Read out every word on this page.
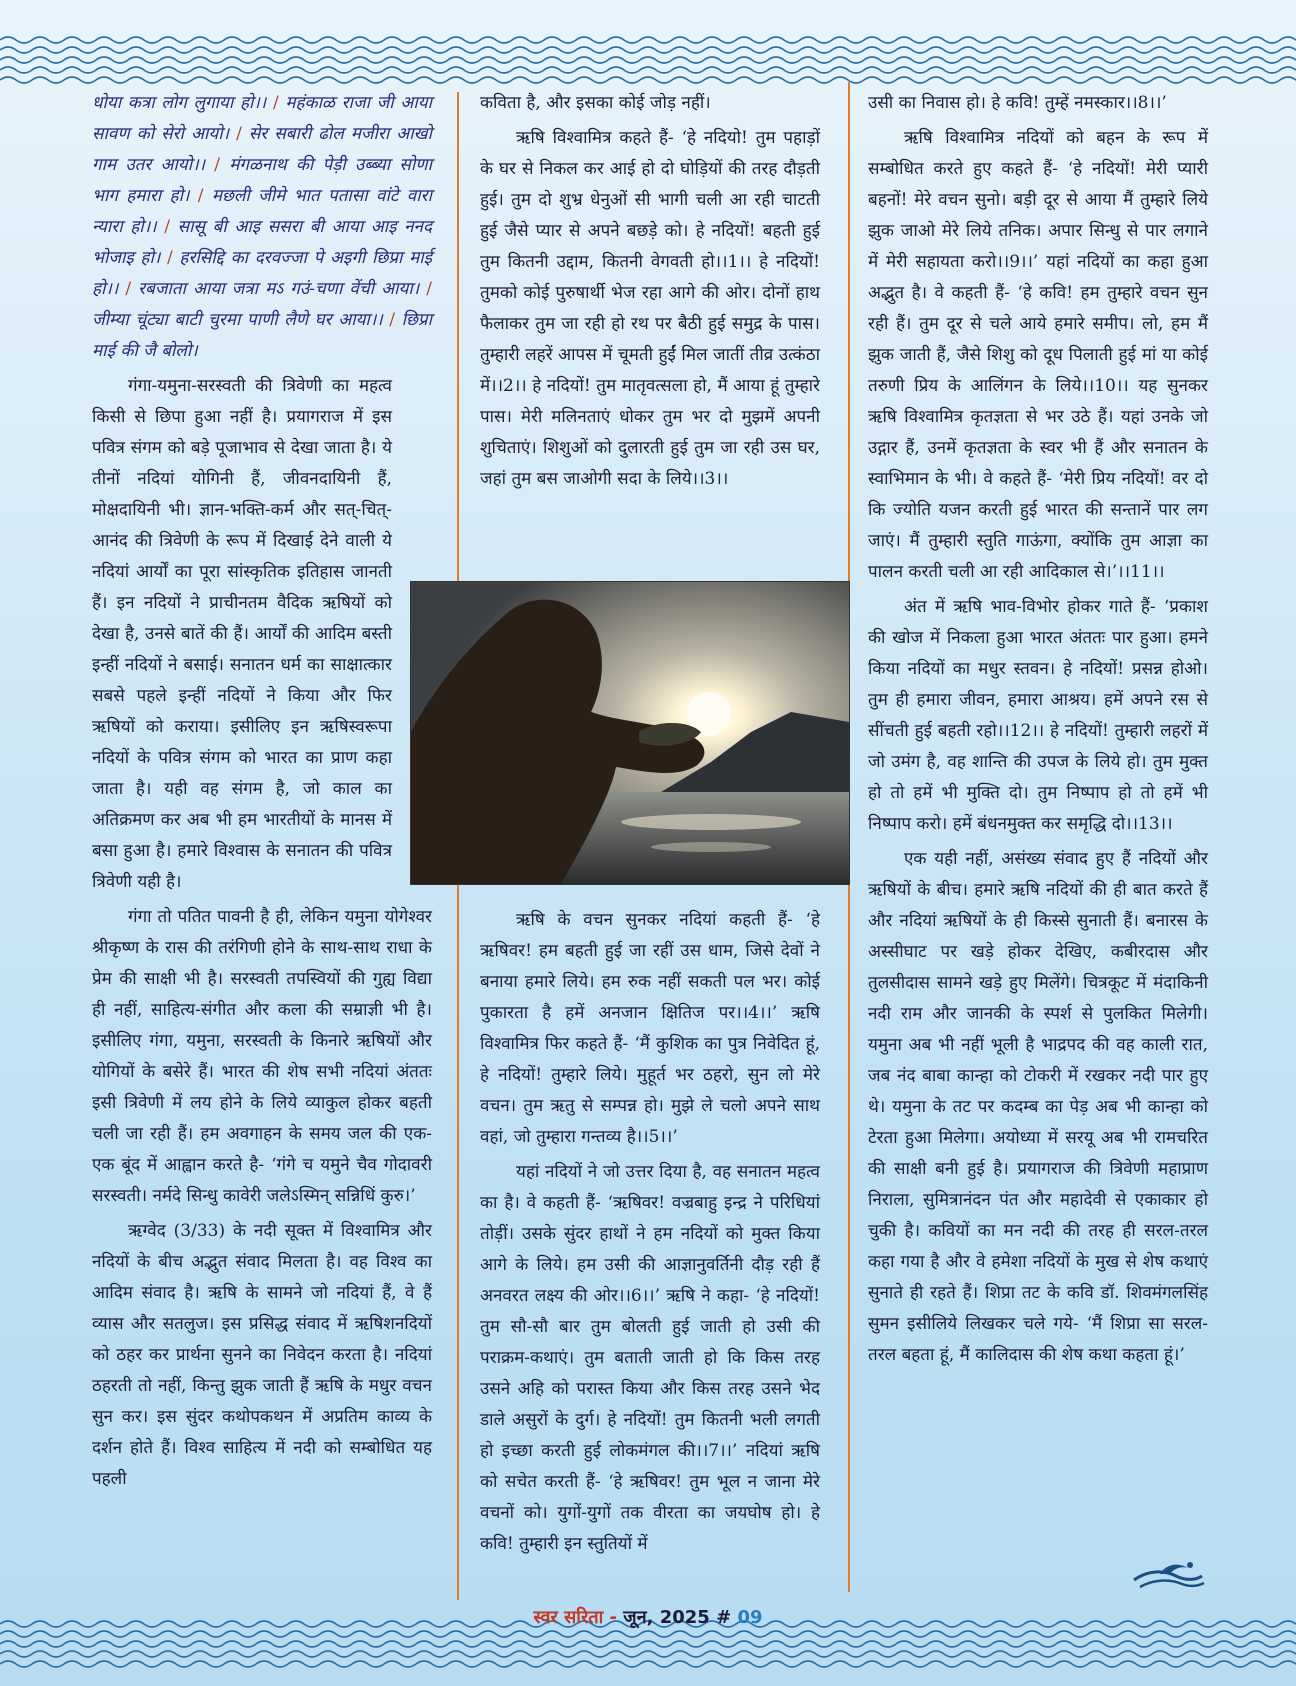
धोया कत्रा लोग लुगाया हो।। / महंकाळ राजा जी आया सावण को सेरो आयो। / सेर सबारी ढोल मजीरा आखो गाम उतर आयो।। / मंगळनाथ की पेड़ी उब्ब्या सोणा भाग हमारा हो। / मछली जीमे भात पतासा वांटे वारा न्यारा हो।। / सासू बी आइ ससरा बी आया आइ ननद भोजाइ हो। / हरसिद्दि का दरवज्जा पे अइगी छिप्रा माई हो।। / रबजाता आया जत्रा मऽ गउं-चणा वेंची आया। / जीम्या चूंट्या बाटी चुरमा पाणी लैणे घर आया।। / छिप्रा माई की जै बोलो।

गंगा-यमुना-सरस्वती की त्रिवेणी का महत्व किसी से छिपा हुआ नहीं है। प्रयागराज में इस पवित्र संगम को बड़े पूजाभाव से देखा जाता है। ये तीनों नदियां योगिनी हैं, जीवनदायिनी हैं, मोक्षदायिनी भी। ज्ञान-भक्ति-कर्म और सत्-चित्-आनंद की त्रिवेणी के रूप में दिखाई देने वाली ये नदियां आर्यों का पूरा सांस्कृतिक इतिहास जानती हैं। इन नदियों ने प्राचीनतम वैदिक ऋषियों को देखा है, उनसे बातें की हैं। आर्यों की आदिम बस्ती इन्हीं नदियों ने बसाई। सनातन धर्म का साक्षात्कार सबसे पहले इन्हीं नदियों ने किया और फिर ऋषियों को कराया। इसीलिए इन ऋषिस्वरूपा नदियों के पवित्र संगम को भारत का प्राण कहा जाता है। यही वह संगम है, जो काल का अतिक्रमण कर अब भी हम भारतीयों के मानस में बसा हुआ है। हमारे विश्वास के सनातन की पवित्र त्रिवेणी यही है।

गंगा तो पतित पावनी है ही, लेकिन यमुना योगेश्वर श्रीकृष्ण के रास की तरंगिणी होने के साथ-साथ राधा के प्रेम की साक्षी भी है। सरस्वती तपस्वियों की गुह्य विद्या ही नहीं, साहित्य-संगीत और कला की सम्राज्ञी भी है। इसीलिए गंगा, यमुना, सरस्वती के किनारे ऋषियों और योगियों के बसेरे हैं। भारत की शेष सभी नदियां अंततः इसी त्रिवेणी में लय होने के लिये व्याकुल होकर बहती चली जा रही हैं। हम अवगाहन के समय जल की एक-एक बूंद में आह्वान करते है- ‘गंगे च यमुने चैव गोदावरी सरस्वती। नर्मदे सिन्धु कावेरी जलेऽस्मिन् सन्निधिं कुरु।’

ऋग्वेद (3/33) के नदी सूक्त में विश्वामित्र और नदियों के बीच अद्भुत संवाद मिलता है। वह विश्व का आदिम संवाद है। ऋषि के सामने जो नदियां हैं, वे हैं व्यास और सतलुज। इस प्रसिद्ध संवाद में ऋषिशनदियों को ठहर कर प्रार्थना सुनने का निवेदन करता है। नदियां ठहरती तो नहीं, किन्तु झुक जाती हैं ऋषि के मधुर वचन सुन कर। इस सुंदर कथोपकथन में अप्रतिम काव्य के दर्शन होते हैं। विश्व साहित्य में नदी को सम्बोधित यह पहली

कविता है, और इसका कोई जोड़ नहीं।

ऋषि विश्वामित्र कहते हैं- ‘हे नदियो! तुम पहाड़ों के घर से निकल कर आई हो दो घोड़ियों की तरह दौड़ती हुई। तुम दो शुभ्र धेनुओं सी भागी चली आ रही चाटती हुई जैसे प्यार से अपने बछड़े को। हे नदियों! बहती हुई तुम कितनी उद्दाम, कितनी वेगवती हो।।1।। हे नदियों! तुमको कोई पुरुषार्थी भेज रहा आगे की ओर। दोनों हाथ फैलाकर तुम जा रही हो रथ पर बैठी हुई समुद्र के पास। तुम्हारी लहरें आपस में चूमती हुईं मिल जातीं तीव्र उत्कंठा में।।2।। हे नदियों! तुम मातृवत्सला हो, मैं आया हूं तुम्हारे पास। मेरी मलिनताएं धोकर तुम भर दो मुझमें अपनी शुचिताएं। शिशुओं को दुलारती हुई तुम जा रही उस घर, जहां तुम बस जाओगी सदा के लिये।।3।।

ऋषि के वचन सुनकर नदियां कहती हैं- ‘हे ऋषिवर! हम बहती हुई जा रहीं उस धाम, जिसे देवों ने बनाया हमारे लिये। हम रुक नहीं सकती पल भर। कोई पुकारता है हमें अनजान क्षितिज पर।।4।।’ ऋषि विश्वामित्र फिर कहते हैं- ‘मैं कुशिक का पुत्र निवेदित हूं, हे नदियों! तुम्हारे लिये। मुहूर्त भर ठहरो, सुन लो मेरे वचन। तुम ऋतु से सम्पन्न हो। मुझे ले चलो अपने साथ वहां, जो तुम्हारा गन्तव्य है।।5।।’

यहां नदियों ने जो उत्तर दिया है, वह सनातन महत्व का है। वे कहती हैं- ‘ऋषिवर! वज्रबाहु इन्द्र ने परिधियां तोड़ीं। उसके सुंदर हाथों ने हम नदियों को मुक्त किया आगे के लिये। हम उसी की आज्ञानुवर्तिनी दौड़ रही हैं अनवरत लक्ष्य की ओर।।6।।’ ऋषि ने कहा- ‘हे नदियों! तुम सौ-सौ बार तुम बोलती हुई जाती हो उसी की पराक्रम-कथाएं। तुम बताती जाती हो कि किस तरह उसने अहि को परास्त किया और किस तरह उसने भेद डाले असुरों के दुर्ग। हे नदियों! तुम कितनी भली लगती हो इच्छा करती हुई लोकमंगल की।।7।।’ नदियां ऋषि को सचेत करती हैं- ‘हे ऋषिवर! तुम भूल न जाना मेरे वचनों को। युगों-युगों तक वीरता का जयघोष हो। हे कवि! तुम्हारी इन स्तुतियों में

उसी का निवास हो। हे कवि! तुम्हें नमस्कार।।8।।’

ऋषि विश्वामित्र नदियों को बहन के रूप में सम्बोधित करते हुए कहते हैं- ‘हे नदियों! मेरी प्यारी बहनों! मेरे वचन सुनो। बड़ी दूर से आया मैं तुम्हारे लिये झुक जाओ मेरे लिये तनिक। अपार सिन्धु से पार लगाने में मेरी सहायता करो।।9।।’ यहां नदियों का कहा हुआ अद्भुत है। वे कहती हैं- ‘हे कवि! हम तुम्हारे वचन सुन रही हैं। तुम दूर से चले आये हमारे समीप। लो, हम मैं झुक जाती हैं, जैसे शिशु को दूध पिलाती हुई मां या कोई तरुणी प्रिय के आलिंगन के लिये।।10।। यह सुनकर ऋषि विश्वामित्र कृतज्ञता से भर उठे हैं। यहां उनके जो उद्गार हैं, उनमें कृतज्ञता के स्वर भी हैं और सनातन के स्वाभिमान के भी। वे कहते हैं- ‘मेरी प्रिय नदियों! वर दो कि ज्योति यजन करती हुई भारत की सन्तानें पार लग जाएं। मैं तुम्हारी स्तुति गाऊंगा, क्योंकि तुम आज्ञा का पालन करती चली आ रही आदिकाल से।’।।11।।

अंत में ऋषि भाव-विभोर होकर गाते हैं- ‘प्रकाश की खोज में निकला हुआ भारत अंततः पार हुआ। हमने किया नदियों का मधुर स्तवन। हे नदियों! प्रसन्न होओ। तुम ही हमारा जीवन, हमारा आश्रय। हमें अपने रस से सींचती हुई बहती रहो।।12।। हे नदियों! तुम्हारी लहरों में जो उमंग है, वह शान्ति की उपज के लिये हो। तुम मुक्त हो तो हमें भी मुक्ति दो। तुम निष्पाप हो तो हमें भी निष्पाप करो। हमें बंधनमुक्त कर समृद्धि दो।।13।।

एक यही नहीं, असंख्य संवाद हुए हैं नदियों और ऋषियों के बीच। हमारे ऋषि नदियों की ही बात करते हैं और नदियां ऋषियों के ही किस्से सुनाती हैं। बनारस के अस्सीघाट पर खड़े होकर देखिए, कबीरदास और तुलसीदास सामने खड़े हुए मिलेंगे। चित्रकूट में मंदाकिनी नदी राम और जानकी के स्पर्श से पुलकित मिलेगी। यमुना अब भी नहीं भूली है भाद्रपद की वह काली रात, जब नंद बाबा कान्हा को टोकरी में रखकर नदी पार हुए थे। यमुना के तट पर कदम्ब का पेड़ अब भी कान्हा को टेरता हुआ मिलेगा। अयोध्या में सरयू अब भी रामचरित की साक्षी बनी हुई है। प्रयागराज की त्रिवेणी महाप्राण निराला, सुमित्रानंदन पंत और महादेवी से एकाकार हो चुकी है। कवियों का मन नदी की तरह ही सरल-तरल कहा गया है और वे हमेशा नदियों के मुख से शेष कथाएं सुनाते ही रहते हैं। शिप्रा तट के कवि डॉ. शिवमंगलसिंह सुमन इसीलिये लिखकर चले गये- ‘मैं शिप्रा सा सरल-तरल बहता हूं, मैं कालिदास की शेष कथा कहता हूं।’

स्वर सरिता - जून, 2025 # 09
